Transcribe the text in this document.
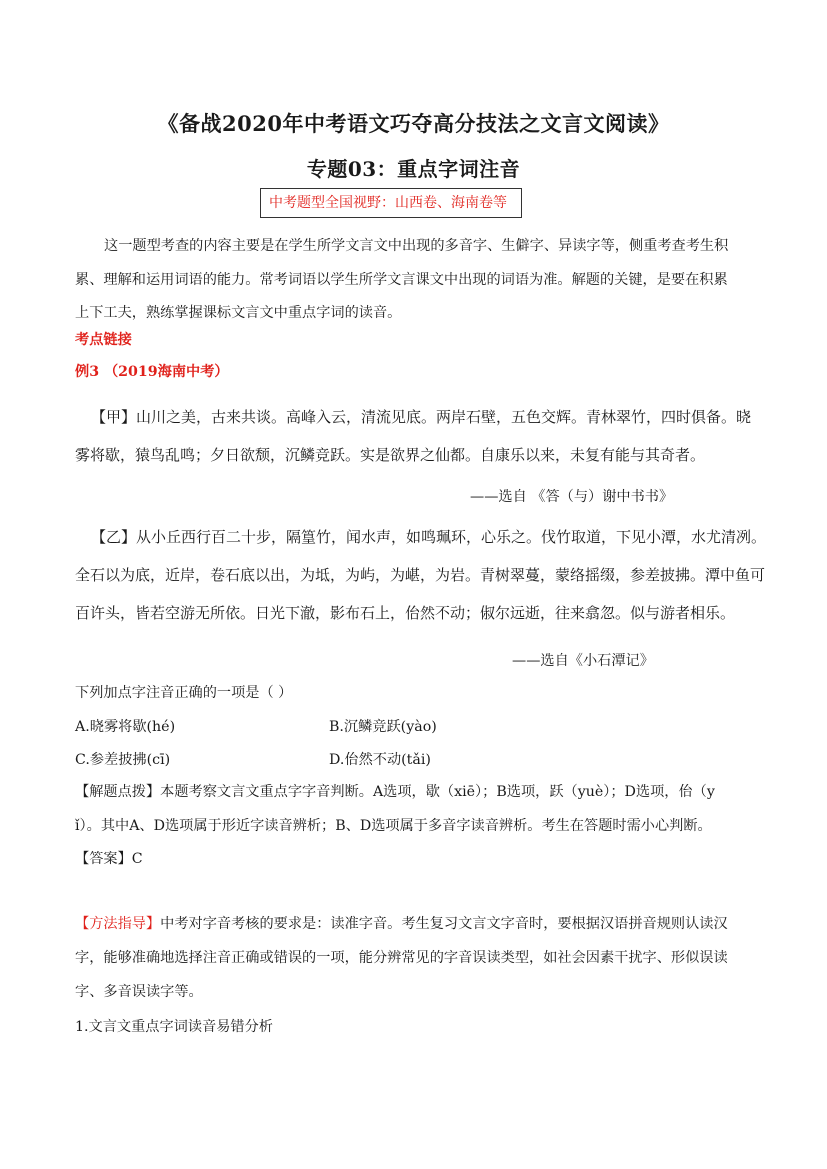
《备战2020年中考语文巧夺高分技法之文言文阅读》
专题03：重点字词注音
中考题型全国视野：山西卷、海南卷等
这一题型考查的内容主要是在学生所学文言文中出现的多音字、生僻字、异读字等，侧重考查考生积
累、理解和运用词语的能力。常考词语以学生所学文言课文中出现的词语为准。解题的关键，是要在积累
上下工夫，熟练掌握课标文言文中重点字词的读音。
考点链接
例3 （2019海南中考）
【甲】山川之美，古来共谈。高峰入云，清流见底。两岸石壁，五色交辉。青林翠竹，四时俱备。晓
雾将歇，猿鸟乱鸣；夕日欲颓，沉鳞竞跃。实是欲界之仙都。自康乐以来，未复有能与其奇者。
——选自 《答（与）谢中书书》
【乙】从小丘西行百二十步，隔篁竹，闻水声，如鸣珮环，心乐之。伐竹取道，下见小潭，水尤清冽。
全石以为底，近岸，卷石底以出，为坻，为屿，为嵁，为岩。青树翠蔓，蒙络摇缀，参差披拂。潭中鱼可
百许头，皆若空游无所依。日光下澈，影布石上，佁然不动；俶尔远逝，往来翕忽。似与游者相乐。
——选自《小石潭记》
下列加点字注音正确的一项是（ ）
A.晓雾将歇(hé)	B.沉鳞竞跃(yào)
C.参差披拂(cī)	D.佁然不动(tǎi)
【解题点拨】本题考察文言文重点字字音判断。A选项，歇（xiē）；B选项，跃（yuè）；D选项，佁（y
ǐ）。其中A、D选项属于形近字读音辨析；B、D选项属于多音字读音辨析。考生在答题时需小心判断。
【答案】C
【方法指导】中考对字音考核的要求是：读准字音。考生复习文言文字音时，要根据汉语拼音规则认读汉
字，能够准确地选择注音正确或错误的一项，能分辨常见的字音误读类型，如社会因素干扰字、形似误读
字、多音误读字等。
1.文言文重点字词读音易错分析
